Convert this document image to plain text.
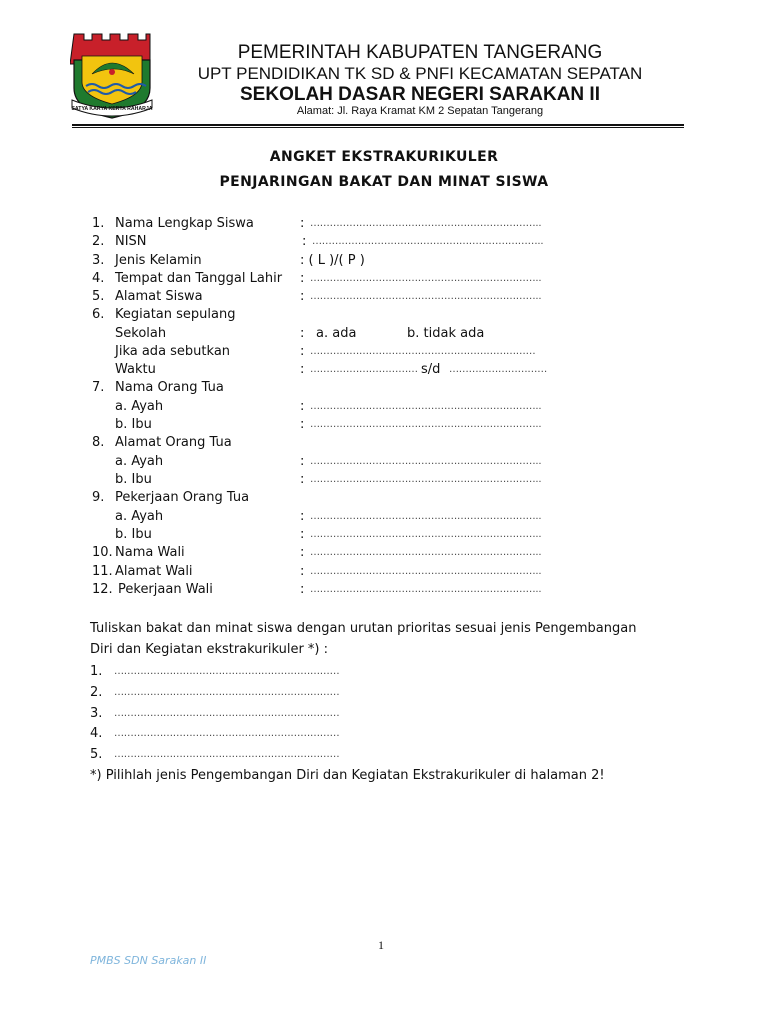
SATYA KARYA KERTA RAHARJA
PEMERINTAH KABUPATEN TANGERANG
UPT PENDIDIKAN TK SD & PNFI KECAMATAN SEPATAN
SEKOLAH DASAR NEGERI SARAKAN II
Alamat: Jl. Raya Kramat KM 2 Sepatan Tangerang
ANGKET EKSTRAKURIKULER
PENJARINGAN BAKAT DAN MINAT SISWA
1. Nama Lengkap Siswa	: ……………………………………………………………..
2. NISN	: ……………………………………………………………..
3. Jenis Kelamin	: ( L )/( P )
4. Tempat dan Tanggal Lahir : ……………………………………………………………..
5. Alamat Siswa	: ……………………………………………………………..
6. Kegiatan sepulang
Sekolah	: a. ada	b. tidak ada
Jika ada sebutkan	: ……………………………………………………………
Waktu	: …………………………… s/d …………………………
7. Nama Orang Tua
a. Ayah	: ……………………………………………………………..
b. Ibu	: ……………………………………………………………..
8. Alamat Orang Tua
a. Ayah	: ……………………………………………………………..
b. Ibu	: ……………………………………………………………..
9. Pekerjaan Orang Tua
a. Ayah	: ……………………………………………………………..
b. Ibu	: ……………………………………………………………..
10. Nama Wali	: ……………………………………………………………..
11. Alamat Wali	: ……………………………………………………………..
12. Pekerjaan Wali	: ……………………………………………………………..
Tuliskan bakat dan minat siswa dengan urutan prioritas sesuai jenis Pengembangan
Diri dan Kegiatan ekstrakurikuler *) :
1. ……………………………………………………………
2. ……………………………………………………………
3. ……………………………………………………………
4. ……………………………………………………………
5. ……………………………………………………………
*) Pilihlah jenis Pengembangan Diri dan Kegiatan Ekstrakurikuler di halaman 2!
1
PMBS SDN Sarakan II
